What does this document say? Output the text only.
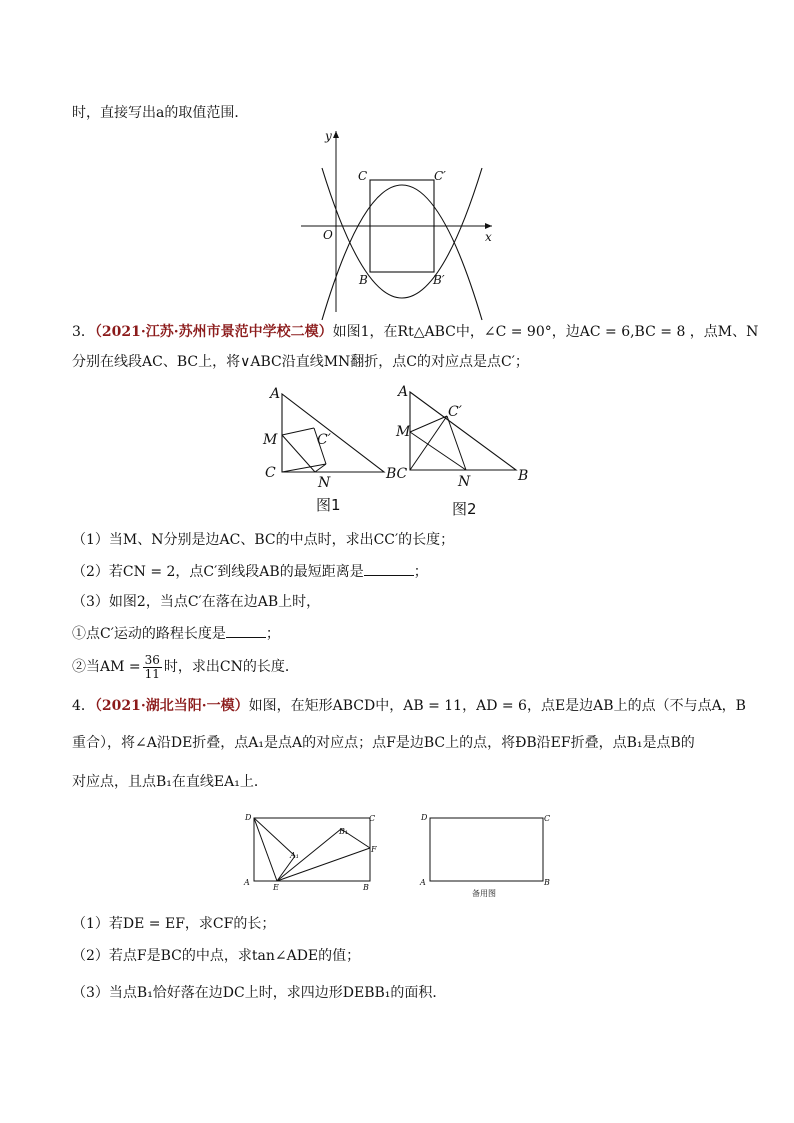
时，直接写出a的取值范围．
x
y
O
C	C′
B	B′
3．（2021·江苏·苏州市景范中学校二模）如图1，在Rt△ABC中，∠C = 90°，边AC = 6,BC = 8 ，点M、N
分别在线段AC、BC上，将∨ABC沿直线MN翻折，点C的对应点是点C′；
A
M
C
C′
N
图1
A
M
C′
BC	N	B
图2
（1）当M、N分别是边AC、BC的中点时，求出CC′的长度；
（2）若CN = 2，点C′到线段AB的最短距离是	；
（3）如图2，当点C′在落在边AB上时，
①点C′运动的路程长度是	；
②当AM = $\frac{36}{11}$ 时，求出CN的长度．
4．（2021·湖北当阳·一模）如图，在矩形ABCD中，AB = 11，AD = 6，点E是边AB上的点（不与点A，B
重合），将∠A沿DE折叠，点A₁是点A的对应点；点F是边BC上的点，将ÐB沿EF折叠，点B₁是点B的
对应点，且点B₁在直线EA₁上．
D	C
A
E	B
F
A₁
B₁
D	C
A	B
备用图
（1）若DE = EF，求CF的长；
（2）若点F是BC的中点，求tan∠ADE的值；
（3）当点B₁恰好落在边DC上时，求四边形DEBB₁的面积．
